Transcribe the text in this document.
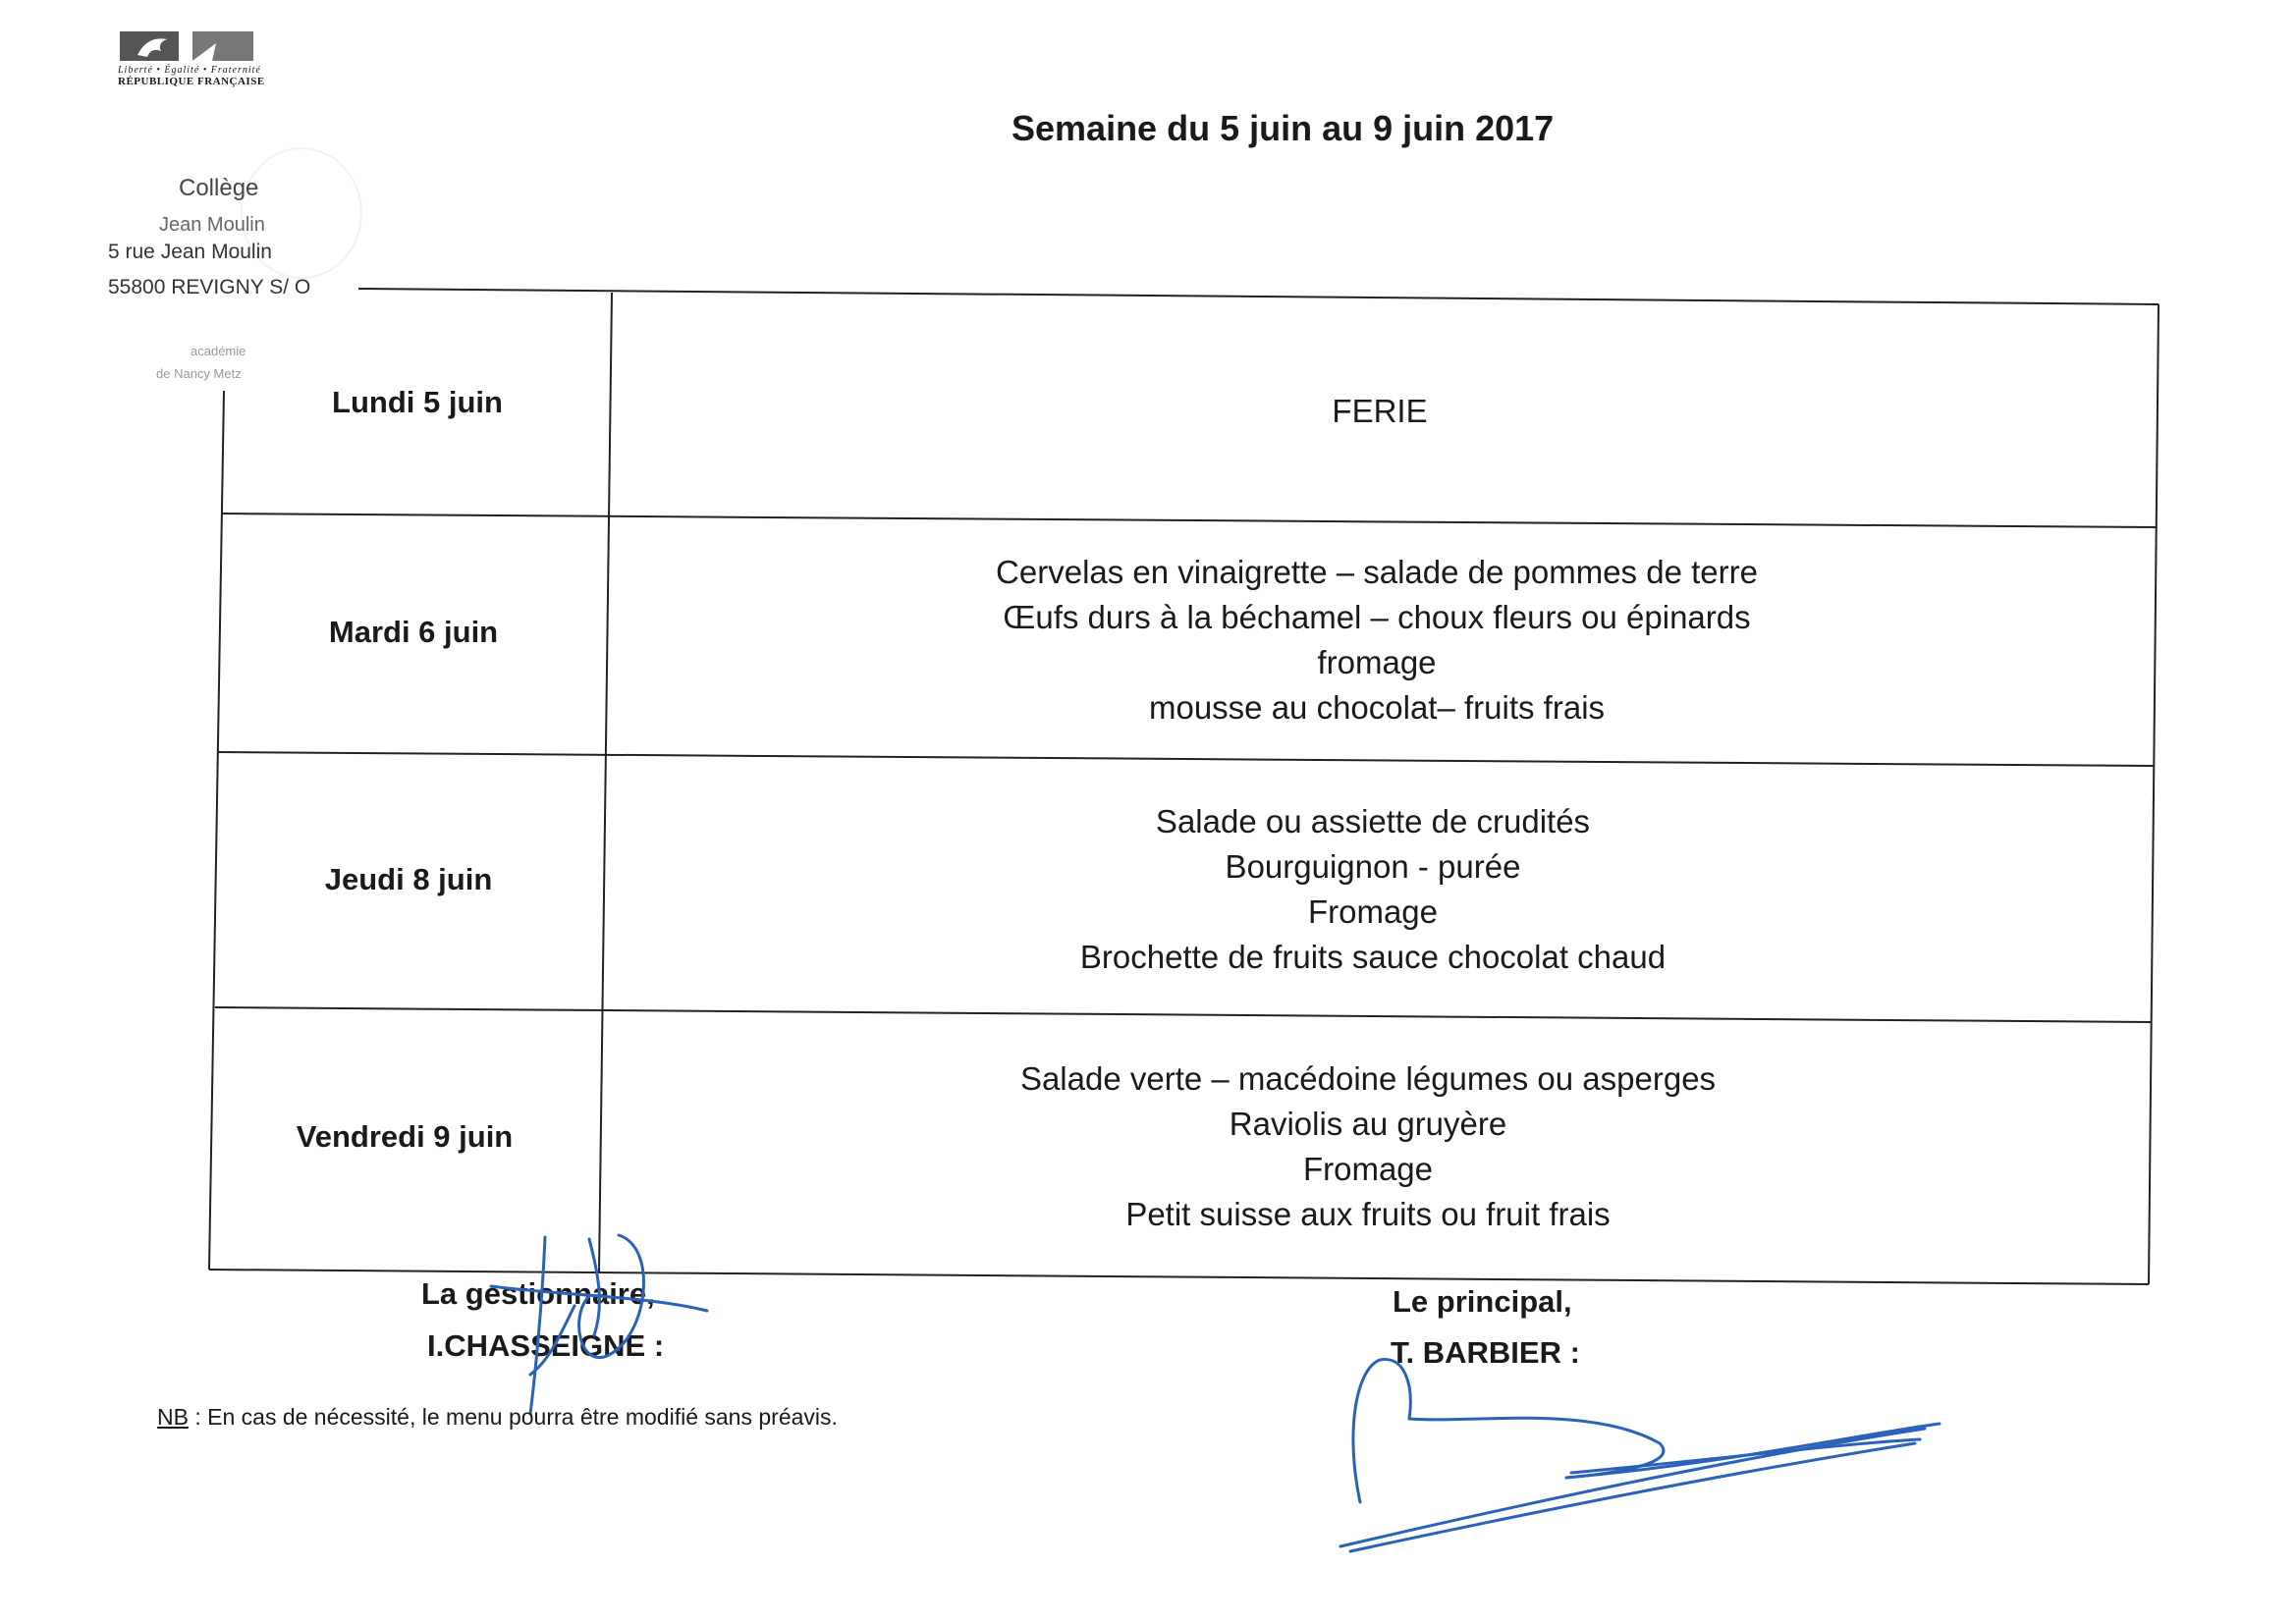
Liberté • Égalité • Fraternité
RÉPUBLIQUE FRANÇAISE
Collège
Jean Moulin
5 rue Jean Moulin
55800 REVIGNY S/ O
académie
de Nancy Metz
Semaine du 5 juin au 9 juin 2017
Lundi 5 juin	FERIE
Mardi 6 juin
Cervelas en vinaigrette – salade de pommes de terre
Œufs durs à la béchamel – choux fleurs ou épinards
fromage
mousse au chocolat– fruits frais
Jeudi 8 juin
Salade ou assiette de crudités
Bourguignon - purée
Fromage
Brochette de fruits sauce chocolat chaud
Vendredi 9 juin
Salade verte – macédoine légumes ou asperges
Raviolis au gruyère
Fromage
Petit suisse aux fruits ou fruit frais
La gestionnaire,
I.CHASSEIGNE :
Le principal,
T. BARBIER :
NB : En cas de nécessité, le menu pourra être modifié sans préavis.
